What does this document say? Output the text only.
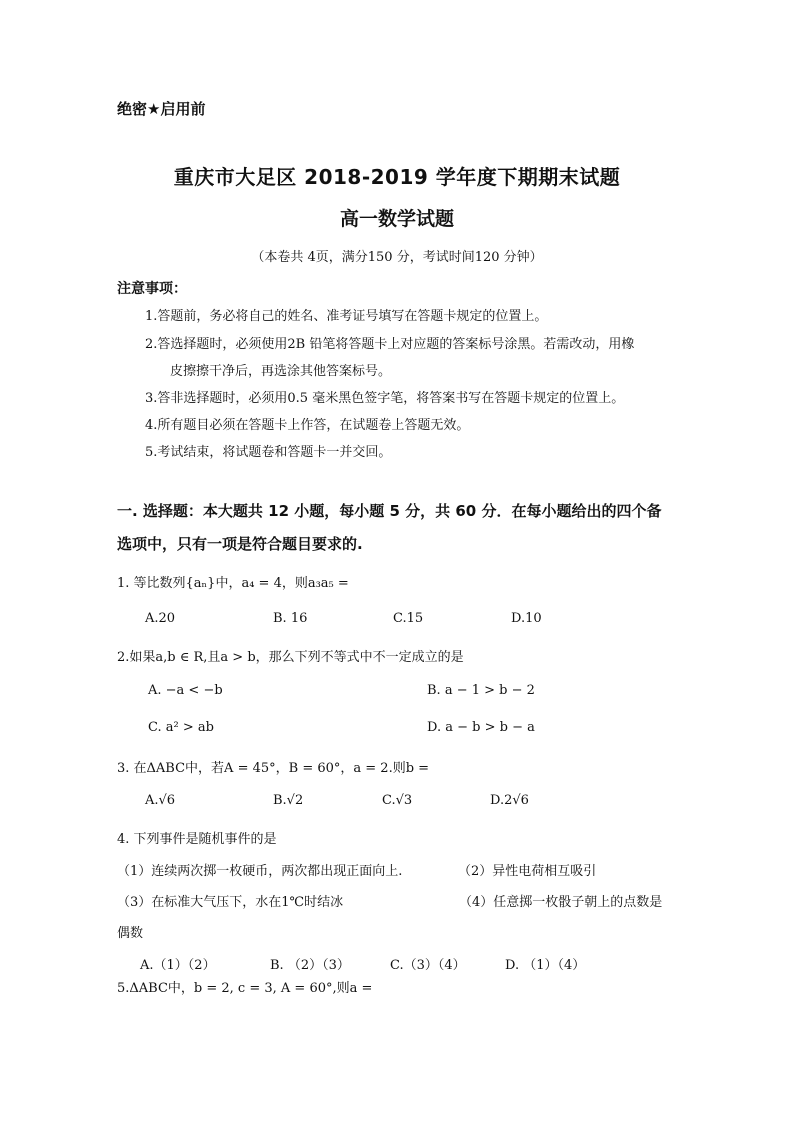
绝密★启用前
重庆市大足区 2018-2019 学年度下期期末试题
高一数学试题
（本卷共 4页，满分150 分，考试时间120 分钟）
注意事项：
1.答题前，务必将自己的姓名、准考证号填写在答题卡规定的位置上。
2.答选择题时，必须使用2B 铅笔将答题卡上对应题的答案标号涂黑。若需改动，用橡
皮擦擦干净后，再选涂其他答案标号。
3.答非选择题时，必须用0.5 毫米黑色签字笔，将答案书写在答题卡规定的位置上。
4.所有题目必须在答题卡上作答，在试题卷上答题无效。
5.考试结束，将试题卷和答题卡一并交回。
一. 选择题：本大题共 12 小题，每小题 5 分，共 60 分．在每小题给出的四个备
选项中，只有一项是符合题目要求的.
1. 等比数列{aₙ}中，a₄ = 4，则a₃a₅ =
A.20	B. 16	C.15	D.10
2.如果a,b ∈ R,且a > b，那么下列不等式中不一定成立的是
A. −a < −b	B. a − 1 > b − 2
C. a² > ab	D. a − b > b − a
3. 在ΔABC中，若A = 45°，B = 60°，a = 2.则b =
A.√6	B.√2	C.√3	D.2√6
4. 下列事件是随机事件的是
（1）连续两次掷一枚硬币，两次都出现正面向上.	（2）异性电荷相互吸引
（3）在标准大气压下，水在1℃时结冰	（4）任意掷一枚骰子朝上的点数是
偶数
A.（1）（2）	B. （2）（3）	C.（3）（4）	D. （1）（4）
5.ΔABC中，b = 2, c = 3, A = 60°,则a =
